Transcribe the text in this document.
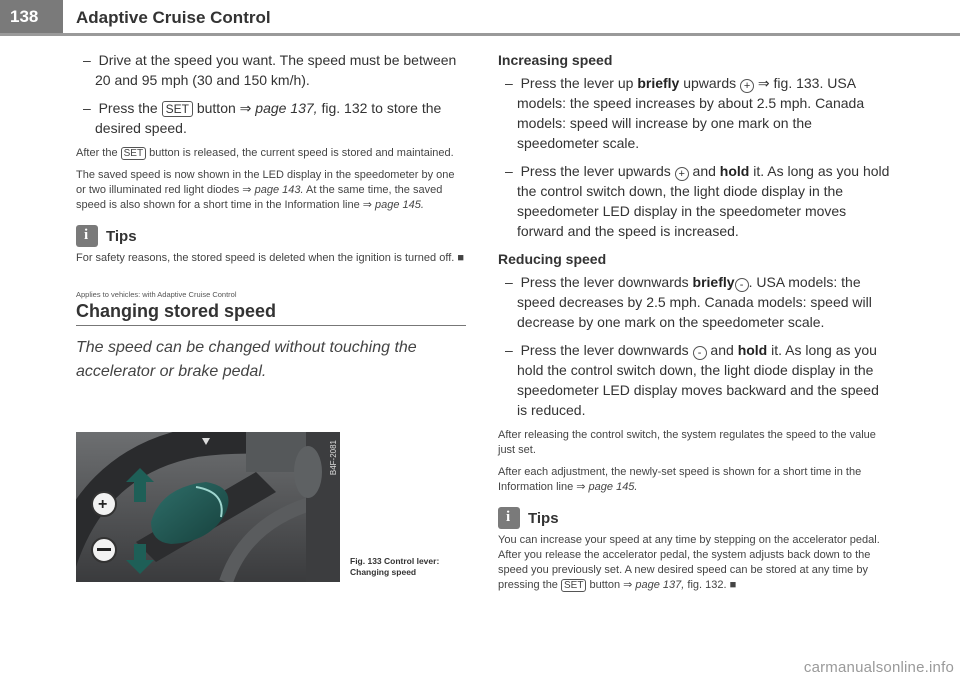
138 Adaptive Cruise Control

–  Drive at the speed you want. The speed must be between 20 and 95 mph (30 and 150 km/h).

–  Press the SET button ⇒ page 137, fig. 132 to store the desired speed.

After the SET button is released, the current speed is stored and maintained.

The saved speed is now shown in the LED display in the speedometer by one or two illuminated red light diodes ⇒ page 143. At the same time, the saved speed is also shown for a short time in the Information line ⇒ page 145.

i Tips

For safety reasons, the stored speed is deleted when the ignition is turned off. ■

Applies to vehicles: with Adaptive Cruise Control

Changing stored speed

The speed can be changed without touching the accelerator or brake pedal.

+
B4F-2081
Fig. 133 Control lever:
Changing speed
Increasing speed

–  Press the lever up briefly upwards + ⇒ fig. 133. USA models: the speed increases by about 2.5 mph. Canada models: speed will increase by one mark on the speedometer scale.

–  Press the lever upwards + and hold it. As long as you hold the control switch down, the light diode display in the speedometer LED display in the speedometer moves forward and the speed is increased.

Reducing speed

–  Press the lever downwards briefly - . USA models: the speed decreases by 2.5 mph. Canada models: speed will decrease by one mark on the speedometer scale.

–  Press the lever downwards - and hold it. As long as you hold the control switch down, the light diode display in the speedometer LED display moves backward and the speed is reduced.

After releasing the control switch, the system regulates the speed to the value just set.

After each adjustment, the newly-set speed is shown for a short time in the Information line ⇒ page 145.

i Tips

You can increase your speed at any time by stepping on the accelerator pedal. After you release the accelerator pedal, the system adjusts back down to the speed you previously set. A new desired speed can be stored at any time by pressing the SET button ⇒ page 137, fig. 132. ■

carmanualsonline.info
